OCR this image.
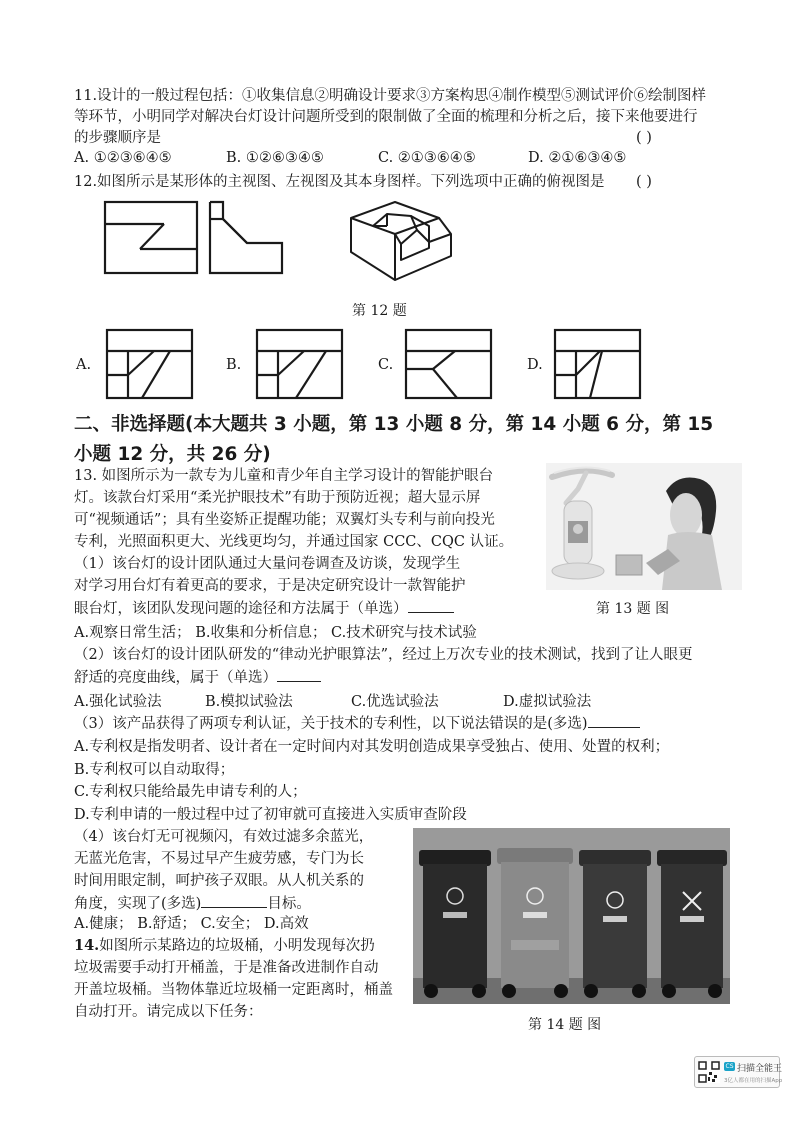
11.设计的一般过程包括：①收集信息②明确设计要求③方案构思④制作模型⑤测试评价⑥绘制图样
等环节，小明同学对解决台灯设计问题所受到的限制做了全面的梳理和分析之后，接下来他要进行
的步骤顺序是	( )
A. ①②③⑥④⑤	B. ①②⑥③④⑤	C. ②①③⑥④⑤	D. ②①⑥③④⑤
12.如图所示是某形体的主视图、左视图及其本身图样。下列选项中正确的俯视图是 ( )
第 12 题
A.	B.	C.	D.
二、非选择题(本大题共 3 小题，第 13 小题 8 分，第 14 小题 6 分，第 15
小题 12 分，共 26 分)
13. 如图所示为一款专为儿童和青少年自主学习设计的智能护眼台
灯。该款台灯采用“柔光护眼技术”有助于预防近视；超大显示屏
可“视频通话”；具有坐姿矫正提醒功能；双翼灯头专利与前向投光
专利，光照面积更大、光线更均匀，并通过国家 CCC、CQC 认证。
（1）该台灯的设计团队通过大量问卷调查及访谈，发现学生
对学习用台灯有着更高的要求，于是决定研究设计一款智能护
眼台灯，该团队发现问题的途径和方法属于（单选）	第 13 题 图
A.观察日常生活； B.收集和分析信息； C.技术研究与技术试验
（2）该台灯的设计团队研发的“律动光护眼算法”，经过上万次专业的技术测试，找到了让人眼更
舒适的亮度曲线，属于（单选）
A.强化试验法	B.模拟试验法	C.优选试验法	D.虚拟试验法
（3）该产品获得了两项专利认证，关于技术的专利性，以下说法错误的是(多选)
A.专利权是指发明者、设计者在一定时间内对其发明创造成果享受独占、使用、处置的权利；
B.专利权可以自动取得；
C.专利权只能给最先申请专利的人；
D.专利申请的一般过程中过了初审就可直接进入实质审查阶段
（4）该台灯无可视频闪，有效过滤多余蓝光，
无蓝光危害，不易过早产生疲劳感，专门为长
时间用眼定制，呵护孩子双眼。从人机关系的
角度，实现了(多选)	目标。
A.健康； B.舒适； C.安全； D.高效
14.如图所示某路边的垃圾桶，小明发现每次扔
垃圾需要手动打开桶盖，于是准备改进制作自动
开盖垃圾桶。当物体靠近垃圾桶一定距离时，桶盖
自动打开。请完成以下任务：
第 14 题 图
CS 扫描全能王
3亿人都在用的扫描App
